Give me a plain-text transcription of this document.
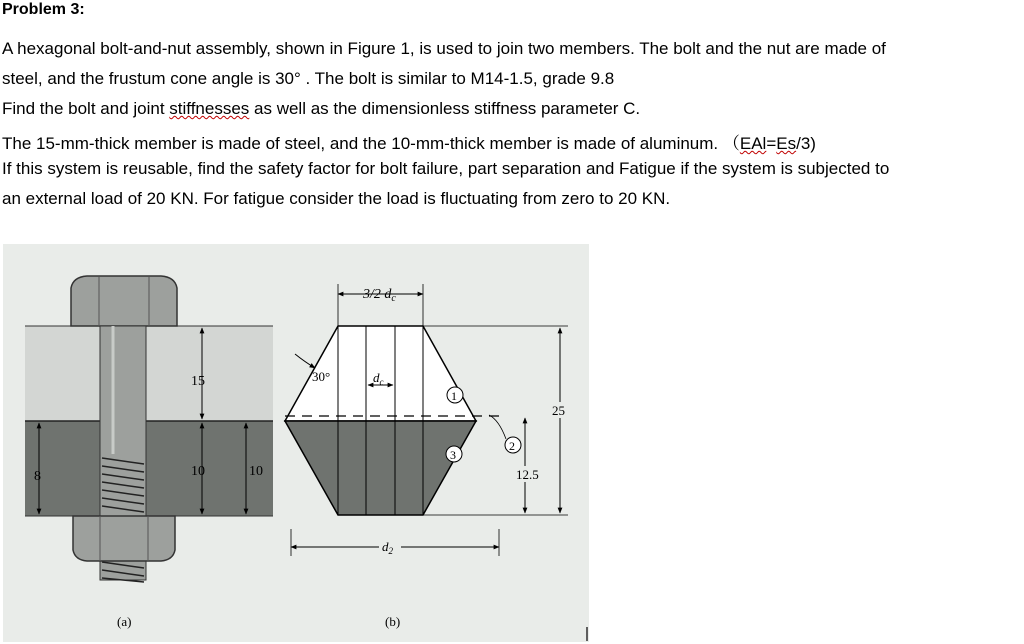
Problem 3:
A hexagonal bolt-and-nut assembly, shown in Figure 1, is used to join two members. The bolt and the nut are made of
steel, and the frustum cone angle is 30° . The bolt is similar to M14-1.5, grade 9.8
Find the bolt and joint stiffnesses as well as the dimensionless stiffness parameter C.
The 15-mm-thick member is made of steel, and the 10-mm-thick member is made of aluminum. （EAl=Es/3)
If this system is reusable, find the safety factor for bolt failure, part separation and Fatigue if the system is subjected to
an external load of 20 KN. For fatigue consider the load is fluctuating from zero to 20 KN.
15
10
8	10
(a)
3/2 $d_c$
30°	$d_c$
$d_2$
25
12.5
1
2
3
(b)
